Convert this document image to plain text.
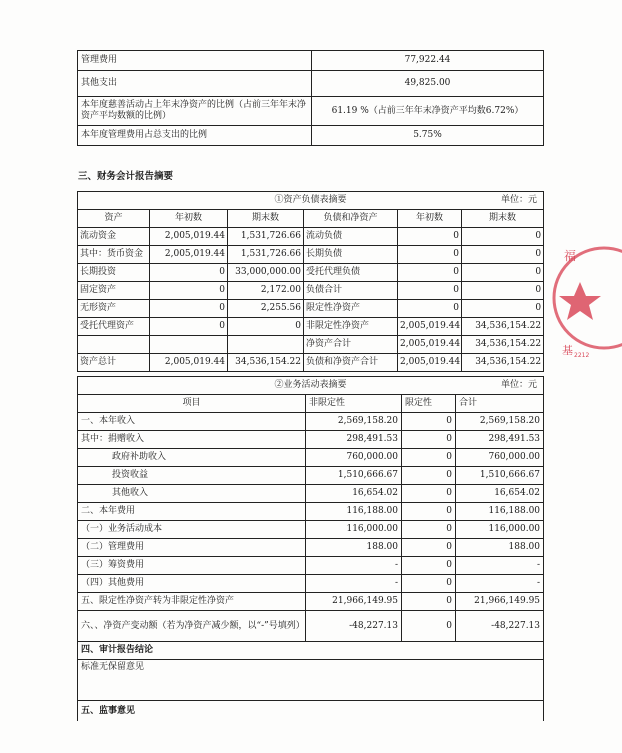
管理费用	77,922.44
其他支出	49,825.00
本年度慈善活动占上年末净资产的比例（占前三年年末净资产平均数额的比例）	61.19 %（占前三年年末净资产平均数6.72%）
本年度管理费用占总支出的比例	5.75%
三、财务会计报告摘要
①资产负债表摘要 单位：元					

资产	年初数	期末数	负债和净资产	年初数	期末数
流动资金	2,005,019.44	1,531,726.66	流动负债	0	0
其中：货币资金	2,005,019.44	1,531,726.66	长期负债	0	0
长期投资	0	33,000,000.00	受托代理负债	0	0
固定资产	0	2,172.00	负债合计	0	0
无形资产	0	2,255.56	限定性净资产	0	0
受托代理资产	0	0	非限定性净资产	2,005,019.44	34,536,154.22
			净资产合计	2,005,019.44	34,536,154.22
资产总计	2,005,019.44	34,536,154.22	负债和净资产合计	2,005,019.44	34,536,154.22
②业务活动表摘要 单位：元			

项目	非限定性	限定性	合计
一、本年收入	2,569,158.20	0	2,569,158.20
其中：捐赠收入	298,491.53	0	298,491.53
政府补助收入	760,000.00	0	760,000.00
投资收益	1,510,666.67	0	1,510,666.67
其他收入	16,654.02	0	16,654.02
二、本年费用	116,188.00	0	116,188.00
（一）业务活动成本	116,000.00	0	116,000.00
（二）管理费用	188.00	0	188.00
（三）筹资费用	-	0	-
（四）其他费用	-	0	-
五、限定性净资产转为非限定性净资产	21,966,149.95	0	21,966,149.95
六、、净资产变动额（若为净资产减少额，以“-”号填列）	-48,227.13	0	-48,227.13
四、审计报告结论			
标准无保留意见			
五、监事意见			
福
基 2212
